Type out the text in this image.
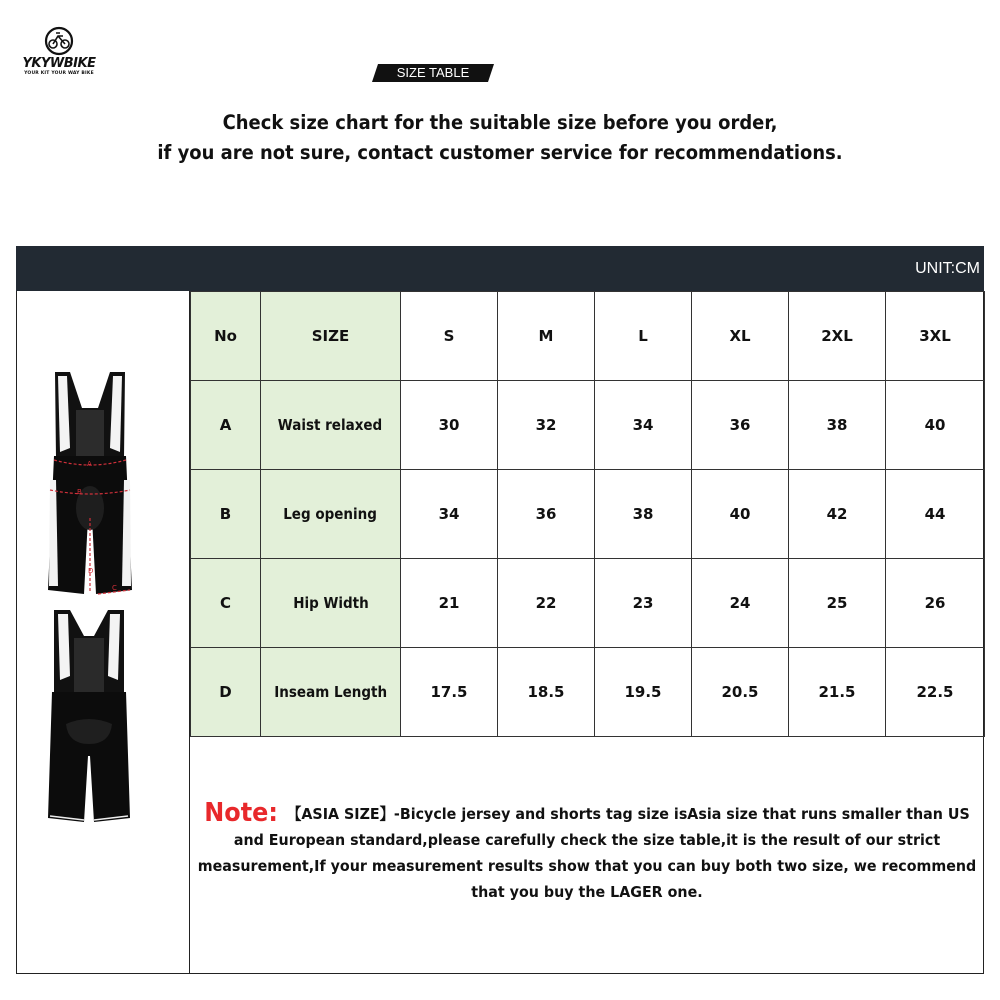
YKYWBIKE
YOUR KIT YOUR WAY BIKE	SIZE TABLE
Check size chart for the suitable size before you order,
if you are not sure, contact customer service for recommendations.
UNIT:CM
A
B
C
D
No	SIZE	S	M	L	XL	2XL	3XL
A	Waist relaxed	30	32	34	36	38	40
B	Leg opening	34	36	38	40	42	44
C	Hip Width	21	22	23	24	25	26
D	Inseam Length	17.5	18.5	19.5	20.5	21.5	22.5
Note: 【ASIA SIZE】-Bicycle jersey and shorts tag size isAsia size that runs smaller than US and European standard,please carefully check the size table,it is the result of our strict measurement,If your measurement results show that you can buy both two size, we recommend that you buy the LAGER one.
